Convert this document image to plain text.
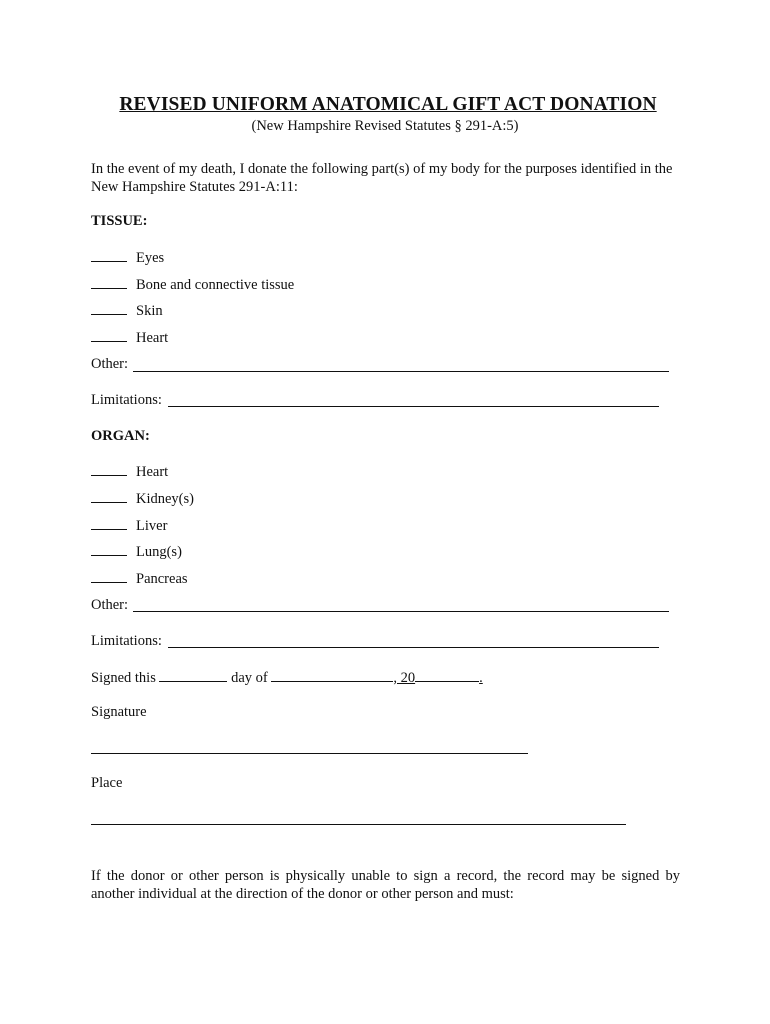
REVISED UNIFORM ANATOMICAL GIFT ACT DONATION
(New Hampshire Revised Statutes § 291-A:5)
In the event of my death, I donate the following part(s) of my body for the purposes identified in the New Hampshire Statutes 291-A:11:
TISSUE:
Eyes
Bone and connective tissue
Skin
Heart
Other:
Limitations:
ORGAN:
Heart
Kidney(s)
Liver
Lung(s)
Pancreas
Other:
Limitations:
Signed this	day of	, 20	.
Signature
Place
If the donor or other person is physically unable to sign a record, the record may be signed by another individual at the direction of the donor or other person and must:
